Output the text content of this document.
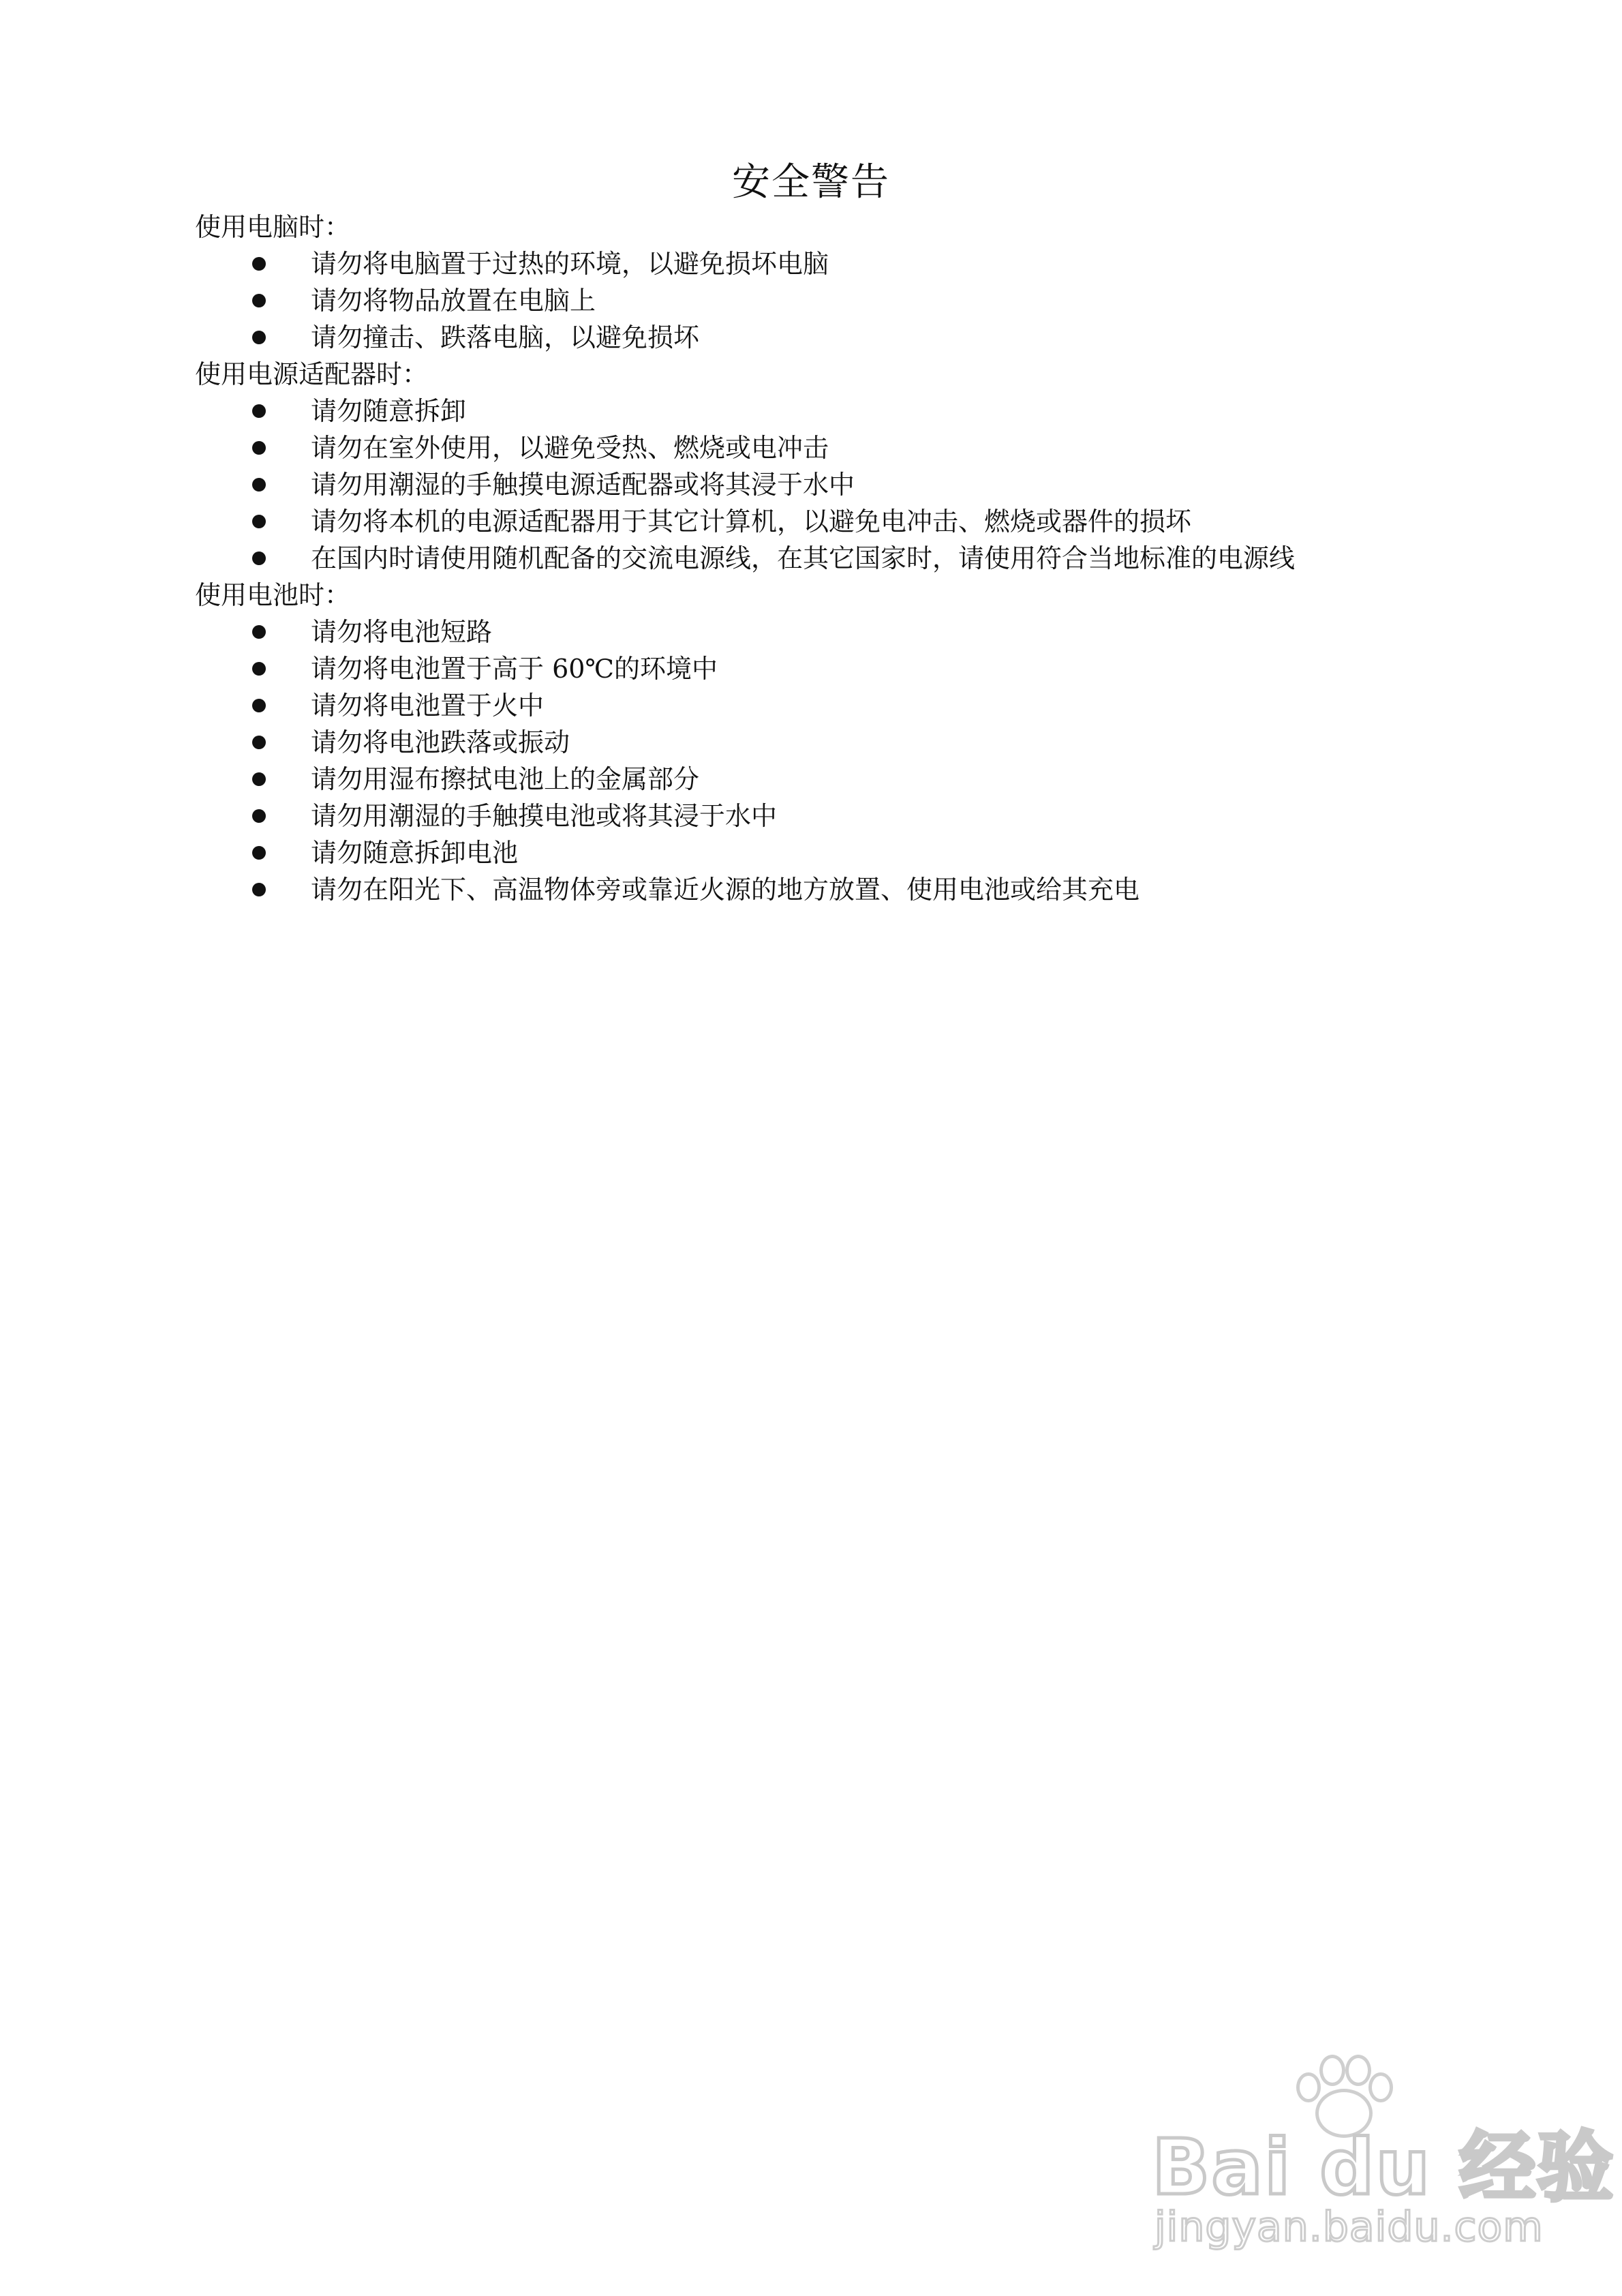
安全警告

使用电脑时：

请勿将电脑置于过热的环境，以避免损坏电脑
请勿将物品放置在电脑上
请勿撞击、跌落电脑，以避免损坏

使用电源适配器时：

请勿随意拆卸
请勿在室外使用，以避免受热、燃烧或电冲击
请勿用潮湿的手触摸电源适配器或将其浸于水中
请勿将本机的电源适配器用于其它计算机，以避免电冲击、燃烧或器件的损坏
在国内时请使用随机配备的交流电源线，在其它国家时，请使用符合当地标准的电源线

使用电池时：

请勿将电池短路
请勿将电池置于高于 60℃的环境中
请勿将电池置于火中
请勿将电池跌落或振动
请勿用湿布擦拭电池上的金属部分
请勿用潮湿的手触摸电池或将其浸于水中
请勿随意拆卸电池
请勿在阳光下、高温物体旁或靠近火源的地方放置、使用电池或给其充电
Bai du 经验
jingyan.baidu.com
